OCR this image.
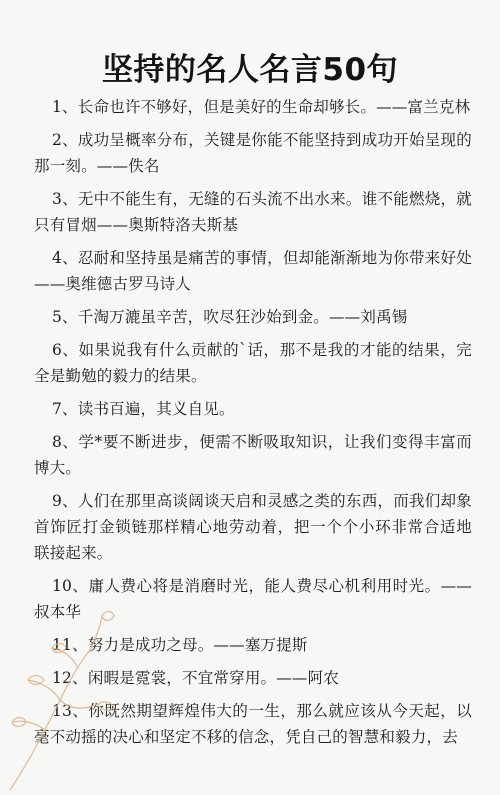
坚持的名人名言50句
1、长命也许不够好，但是美好的生命却够长。——富兰克林
2、成功呈概率分布，关键是你能不能坚持到成功开始呈现的那一刻。——佚名
3、无中不能生有，无缝的石头流不出水来。谁不能燃烧，就只有冒烟——奥斯特洛夫斯基
4、忍耐和坚持虽是痛苦的事情，但却能渐渐地为你带来好处——奥维德古罗马诗人
5、千淘万漉虽辛苦，吹尽狂沙始到金。——刘禹锡
6、如果说我有什么贡献的`话，那不是我的才能的结果，完全是勤勉的毅力的结果。
7、读书百遍，其义自见。
8、学*要不断进步，便需不断吸取知识，让我们变得丰富而博大。
9、人们在那里高谈阔谈天启和灵感之类的东西，而我们却象首饰匠打金锁链那样精心地劳动着，把一个个小环非常合适地联接起来。
10、庸人费心将是消磨时光，能人费尽心机利用时光。——叔本华
11、努力是成功之母。——塞万提斯
12、闲暇是霓裳，不宜常穿用。——阿农
13、你既然期望辉煌伟大的一生，那么就应该从今天起，以毫不动摇的决心和坚定不移的信念，凭自己的智慧和毅力，去
